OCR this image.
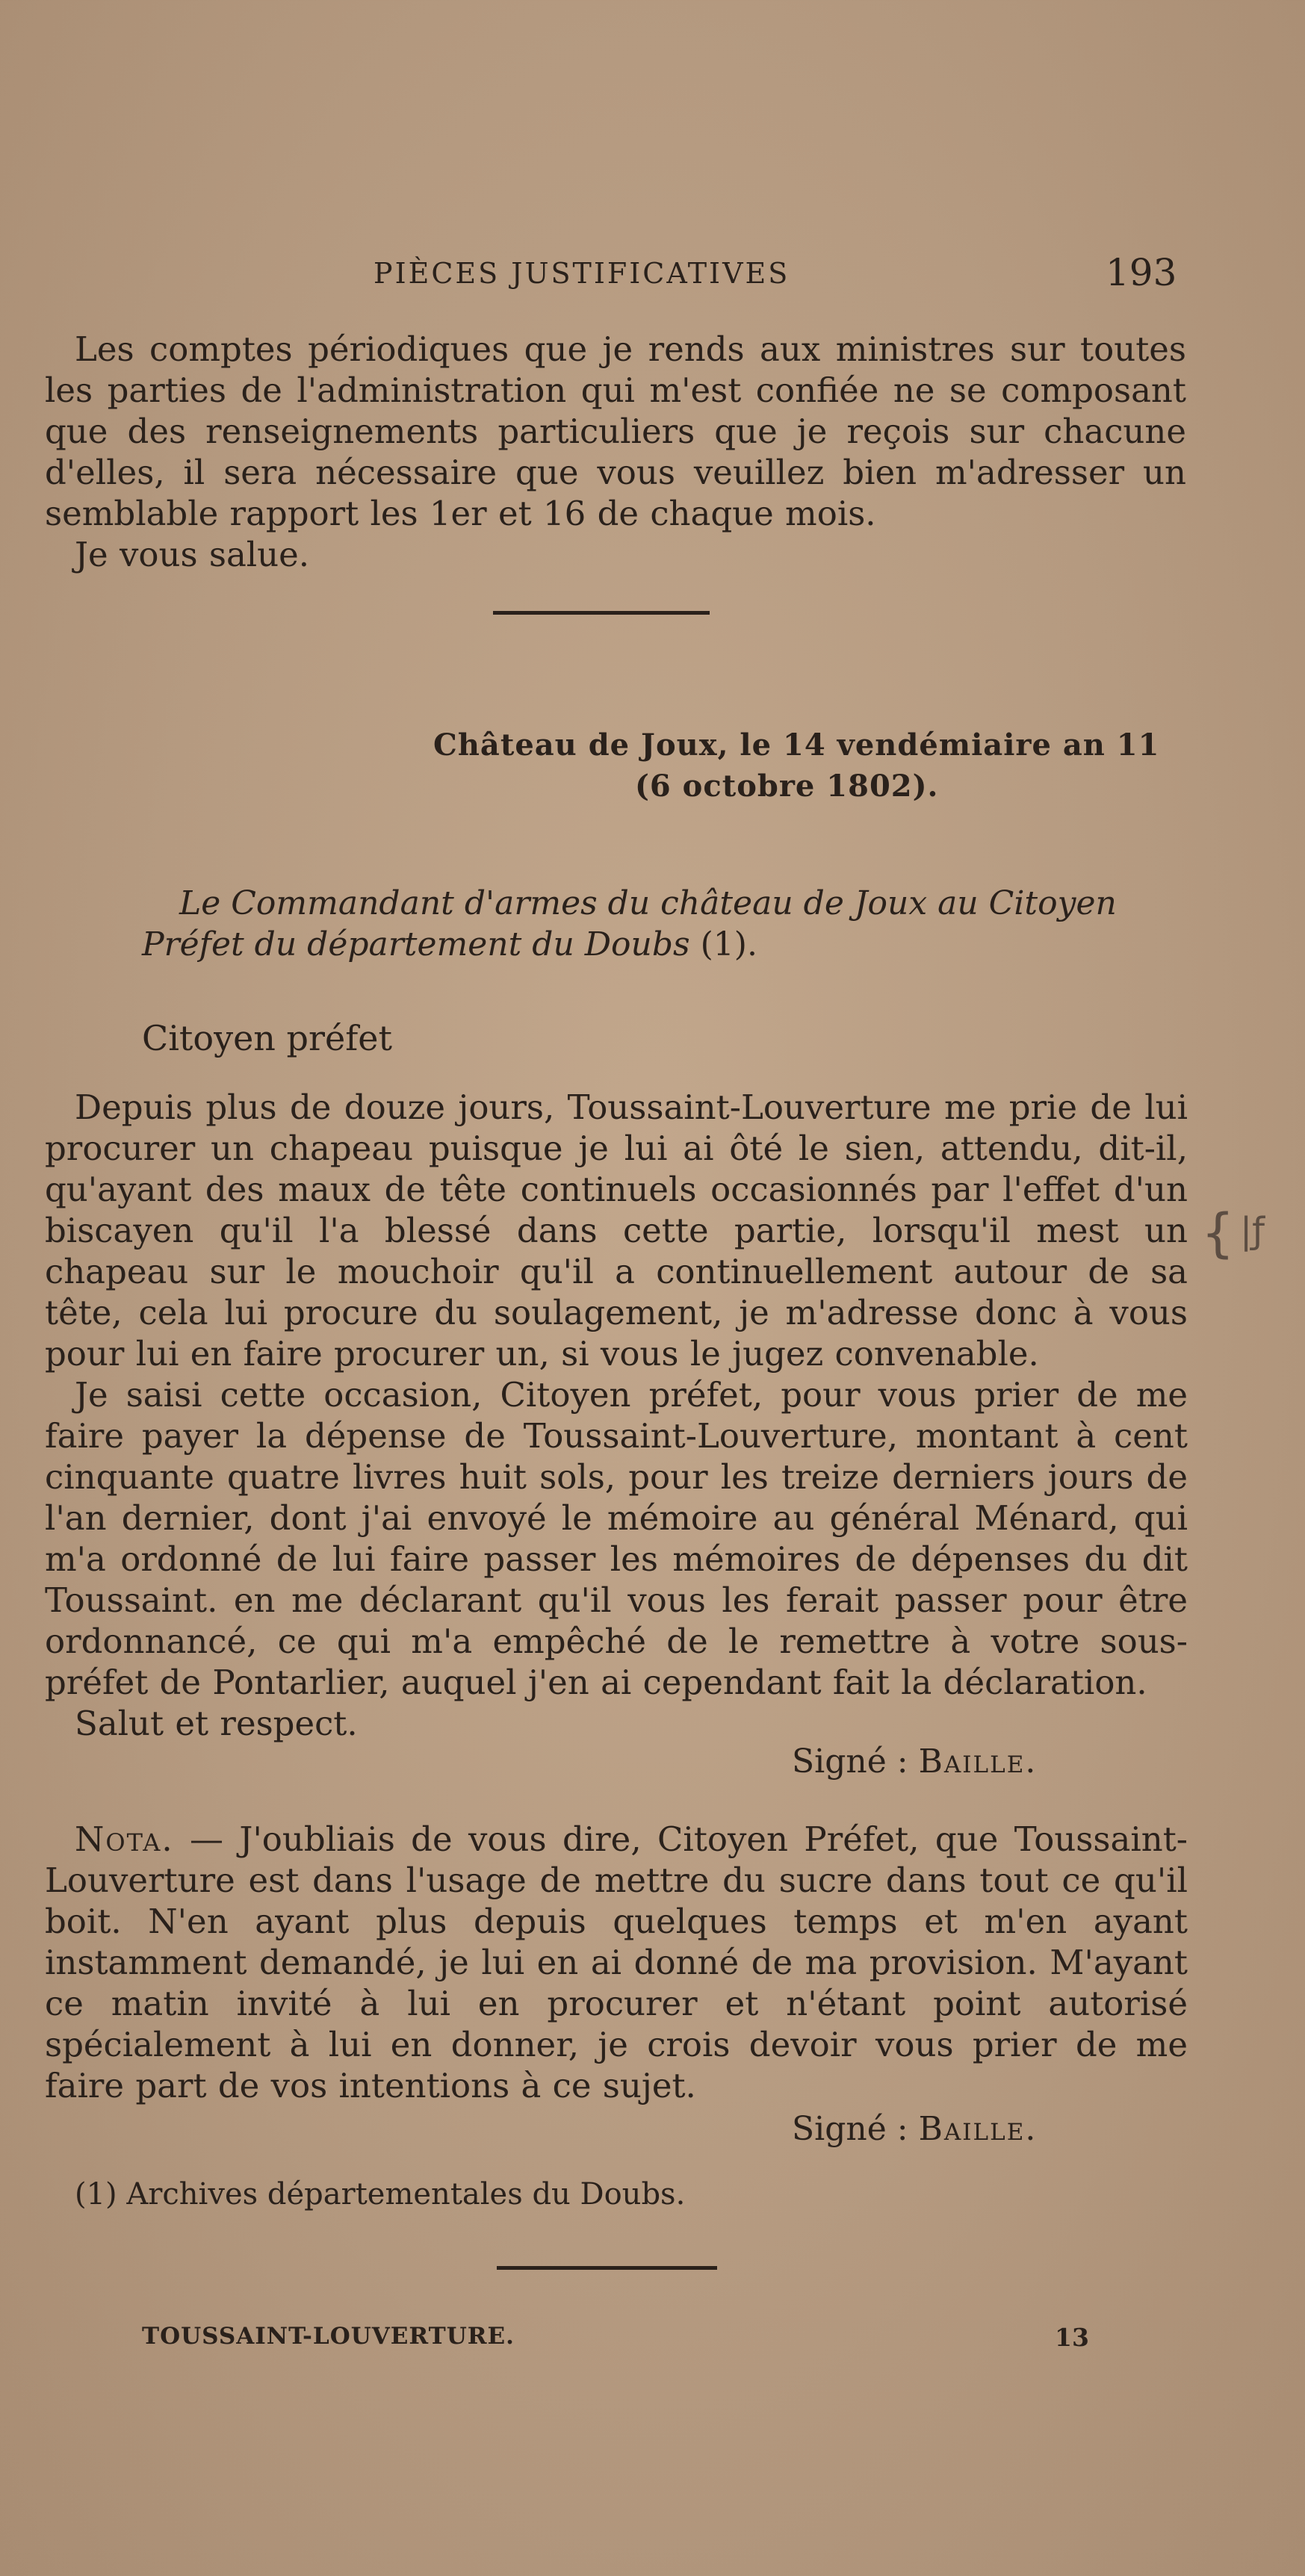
PIÈCES JUSTIFICATIVES	193

Les comptes périodiques que je rends aux ministres sur toutes les parties de l'administration qui m'est confiée ne se composant que des renseignements particuliers que je reçois sur chacune d'elles, il sera nécessaire que vous veuillez bien m'adresser un semblable rapport les 1er et 16 de chaque mois.

Je vous salue.

Château de Joux, le 14 vendémiaire an 11
(6 octobre 1802).
Le Commandant d'armes du château de Joux au Citoyen
Préfet du département du Doubs (1).
Citoyen préfet

Depuis plus de douze jours, Toussaint-Louverture me prie de lui procurer un chapeau puisque je lui ai ôté le sien, attendu, dit-il, qu'ayant des maux de tête continuels occasionnés par l'effet d'un biscayen qu'il l'a blessé dans cette partie, lorsqu'il mest un chapeau sur le mouchoir qu'il a continuellement autour de sa tête, cela lui procure du soulagement, je m'adresse donc à vous pour lui en faire procurer un, si vous le jugez convenable.

Je saisi cette occasion, Citoyen préfet, pour vous prier de me faire payer la dépense de Toussaint-Louverture, montant à cent cinquante quatre livres huit sols, pour les treize derniers jours de l'an dernier, dont j'ai envoyé le mémoire au général Ménard, qui m'a ordonné de lui faire passer les mémoires de dépenses du dit Toussaint. en me déclarant qu'il vous les ferait passer pour être ordonnancé, ce qui m'a empêché de le remettre à votre sous-préfet de Pontarlier, auquel j'en ai cependant fait la déclaration.

Salut et respect.

Signé : Baille.

Nota. — J'oubliais de vous dire, Citoyen Préfet, que Toussaint-Louverture est dans l'usage de mettre du sucre dans tout ce qu'il boit. N'en ayant plus depuis quelques temps et m'en ayant instamment demandé, je lui en ai donné de ma provision. M'ayant ce matin invité à lui en procurer et n'étant point autorisé spécialement à lui en donner, je crois devoir vous prier de me faire part de vos intentions à ce sujet.

Signé : Baille.
(1) Archives départementales du Doubs.
TOUSSAINT-LOUVERTURE.	13
{ |ƒ
